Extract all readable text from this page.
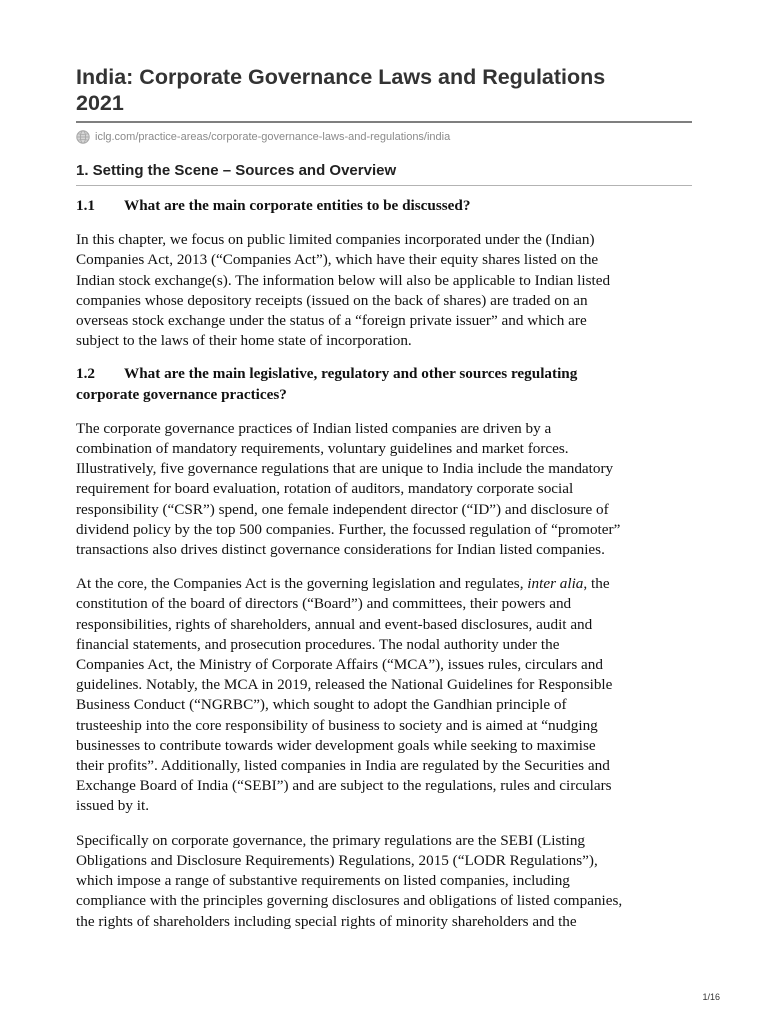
India: Corporate Governance Laws and Regulations
2021
iclg.com /practice-areas/corporate-governance-laws-and-regulations/india
1. Setting the Scene – Sources and Overview
1.1 What are the main corporate entities to be discussed?

In this chapter, we focus on public limited companies incorporated under the (Indian)
Companies Act, 2013 (“Companies Act”), which have their equity shares listed on the
Indian stock exchange(s). The information below will also be applicable to Indian listed
companies whose depository receipts (issued on the back of shares) are traded on an
overseas stock exchange under the status of a “foreign private issuer” and which are
subject to the laws of their home state of incorporation.

1.2 What are the main legislative, regulatory and other sources regulating
corporate governance practices?

The corporate governance practices of Indian listed companies are driven by a
combination of mandatory requirements, voluntary guidelines and market forces.
Illustratively, five governance regulations that are unique to India include the mandatory
requirement for board evaluation, rotation of auditors, mandatory corporate social
responsibility (“CSR”) spend, one female independent director (“ID”) and disclosure of
dividend policy by the top 500 companies. Further, the focussed regulation of “promoter”
transactions also drives distinct governance considerations for Indian listed companies.

At the core, the Companies Act is the governing legislation and regulates, inter alia, the
constitution of the board of directors (“Board”) and committees, their powers and
responsibilities, rights of shareholders, annual and event-based disclosures, audit and
financial statements, and prosecution procedures. The nodal authority under the
Companies Act, the Ministry of Corporate Affairs (“MCA”), issues rules, circulars and
guidelines. Notably, the MCA in 2019, released the National Guidelines for Responsible
Business Conduct (“NGRBC”), which sought to adopt the Gandhian principle of
trusteeship into the core responsibility of business to society and is aimed at “nudging
businesses to contribute towards wider development goals while seeking to maximise
their profits”. Additionally, listed companies in India are regulated by the Securities and
Exchange Board of India (“SEBI”) and are subject to the regulations, rules and circulars
issued by it.

Specifically on corporate governance, the primary regulations are the SEBI (Listing
Obligations and Disclosure Requirements) Regulations, 2015 (“LODR Regulations”),
which impose a range of substantive requirements on listed companies, including
compliance with the principles governing disclosures and obligations of listed companies,
the rights of shareholders including special rights of minority shareholders and the

1/16
